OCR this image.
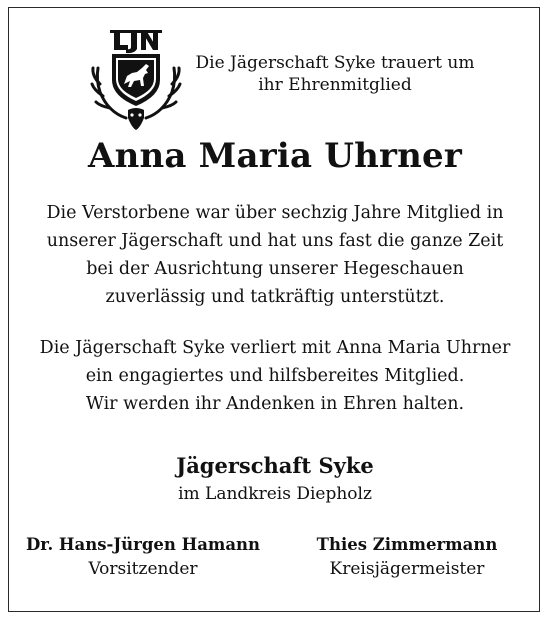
Die Jägerschaft Syke trauert um
ihr Ehrenmitglied
Anna Maria Uhrner
Die Verstorbene war über sechzig Jahre Mitglied in
unserer Jägerschaft und hat uns fast die ganze Zeit
bei der Ausrichtung unserer Hegeschauen
zuverlässig und tatkräftig unterstützt.
Die Jägerschaft Syke verliert mit Anna Maria Uhrner
ein engagiertes und hilfsbereites Mitglied.
Wir werden ihr Andenken in Ehren halten.
Jägerschaft Syke
im Landkreis Diepholz
Dr. Hans-Jürgen Hamann
Vorsitzender
Thies Zimmermann
Kreisjägermeister
